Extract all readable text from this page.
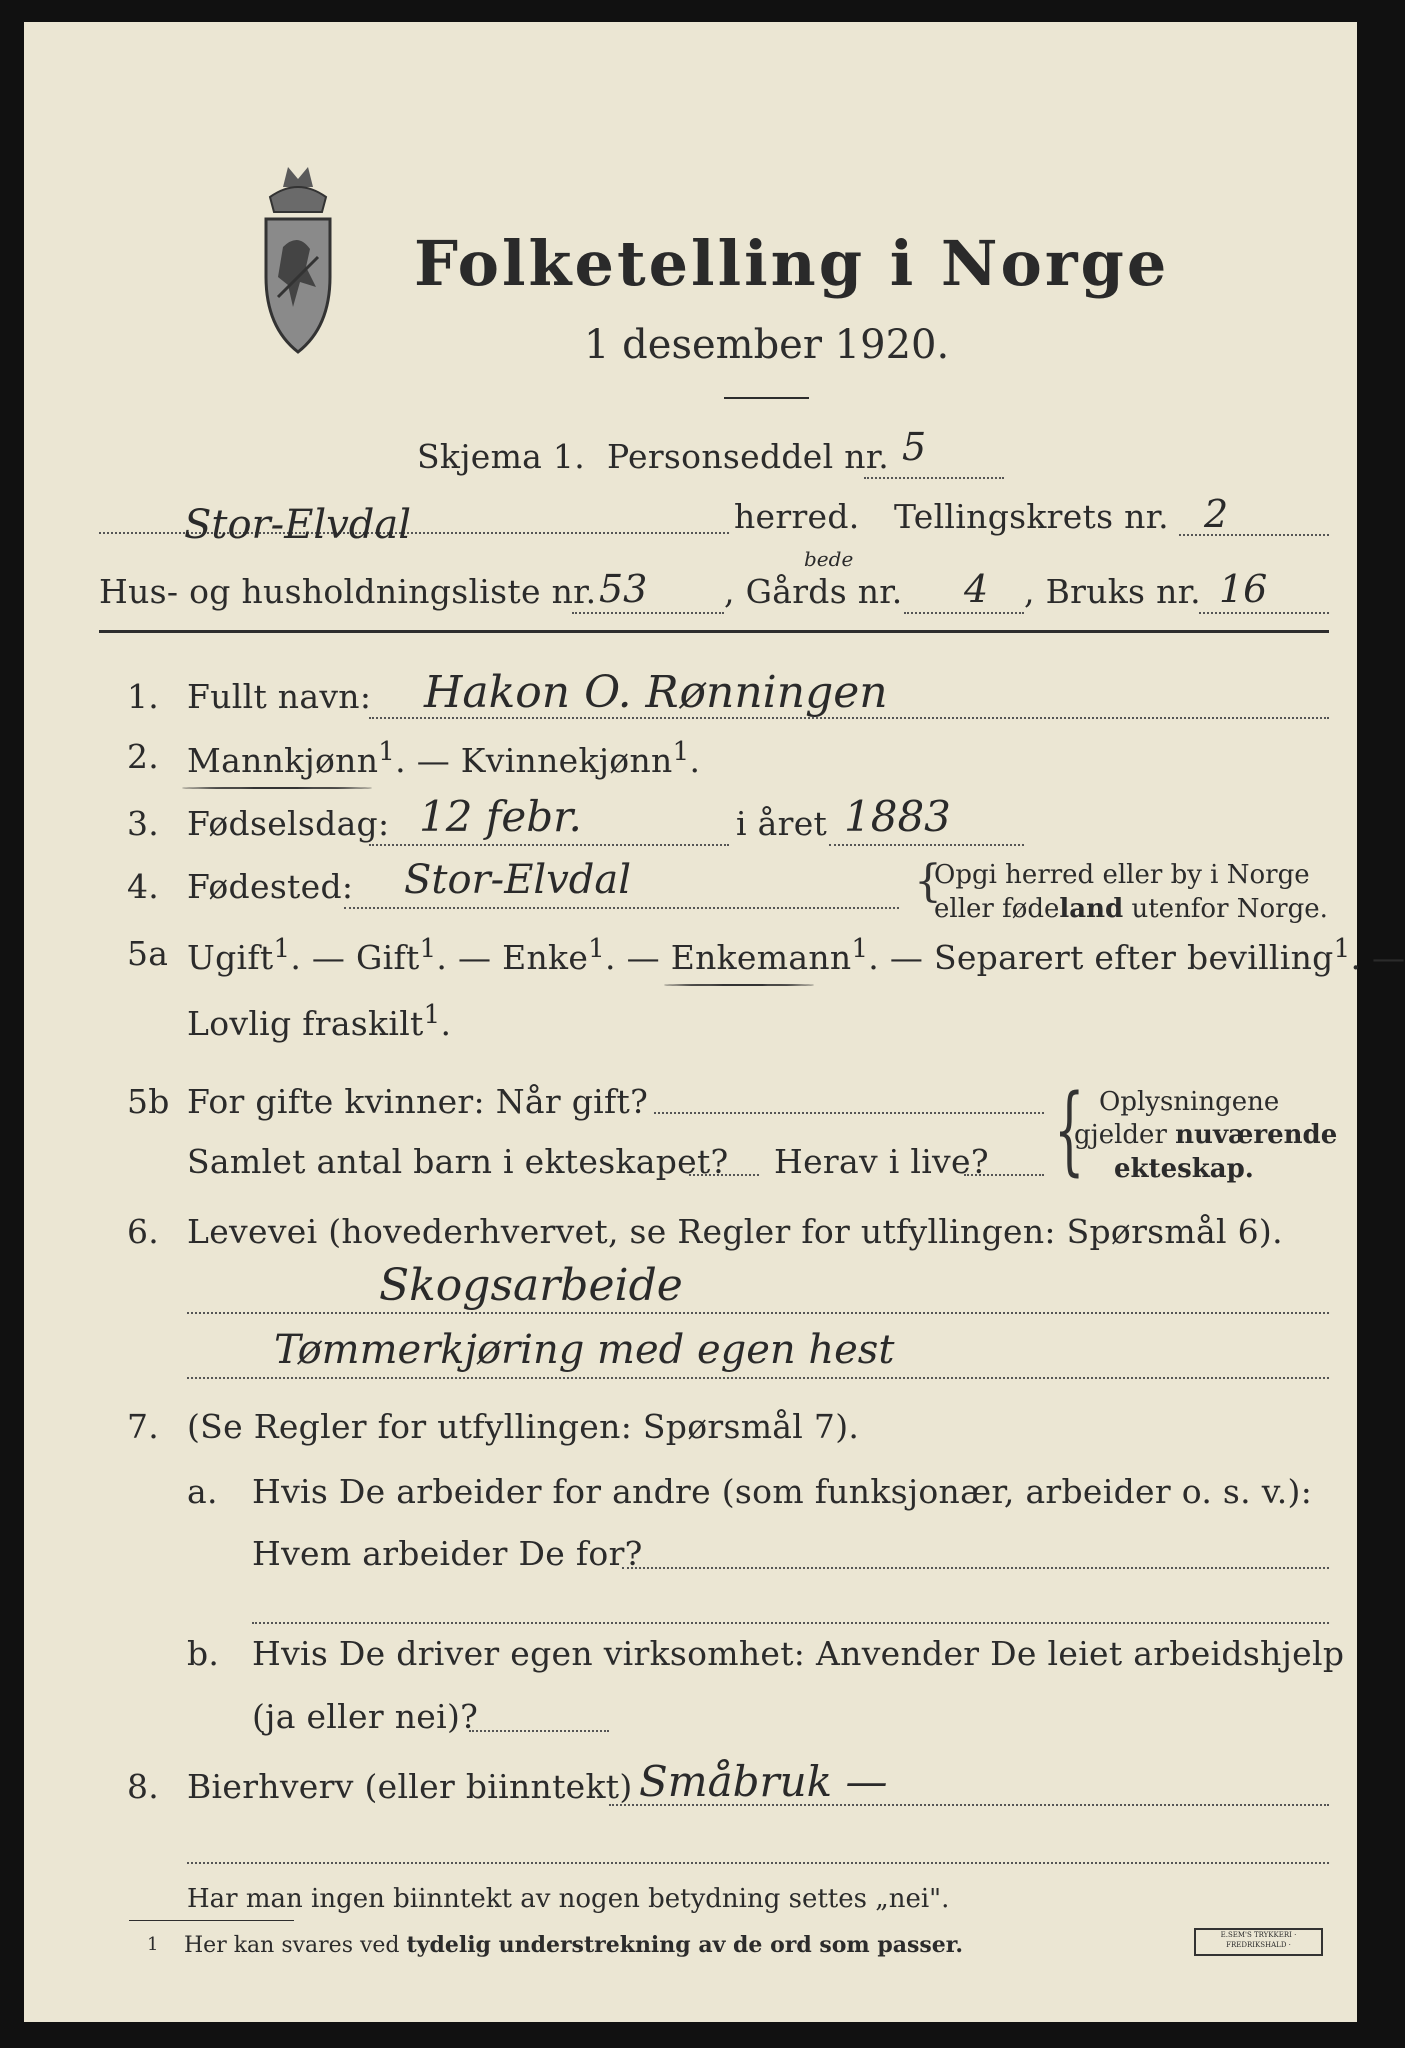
Folketelling i Norge
1 desember 1920.
Skjema 1. Personseddel nr. 5
Stor-Elvdal	herred. Tellingskrets nr. 2
Hus- og husholdningsliste nr. 53 , Gårds nr.
bede
4 , Bruks nr. 16
1. Fullt navn: Hakon O. Rønningen
2. Mannkjønn$^1$. — Kvinnekjønn$^1$.
3. Fødselsdag: 12 febr.	i året 1883
4. Fødested: Stor-Elvdal	{
Opgi herred eller by i Norge
eller fødeland utenfor Norge.
5a Ugift$^1$. — Gift$^1$. — Enke$^1$. — Enkemann$^1$. — Separert efter bevilling$^1$. —
Lovlig fraskilt$^1$.
5b For gifte kvinner: Når gift?
Samlet antal barn i ekteskapet? Herav i live? { Oplysningene
gjelder nuværende
ekteskap.
6. Levevei (hovederhvervet, se Regler for utfyllingen: Spørsmål 6).
Skogsarbeide
Tømmerkjøring med egen hest
7. (Se Regler for utfyllingen: Spørsmål 7).
a. Hvis De arbeider for andre (som funksjonær, arbeider o. s. v.):
Hvem arbeider De for?
b. Hvis De driver egen virksomhet: Anvender De leiet arbeidshjelp
(ja eller nei)?
8. Bierhverv (eller biinntekt) Småbruk —
Har man ingen biinntekt av nogen betydning settes „nei".
1 Her kan svares ved tydelig understrekning av de ord som passer.	E.SEM'S TRYKKERI · FREDRIKSHALD ·
